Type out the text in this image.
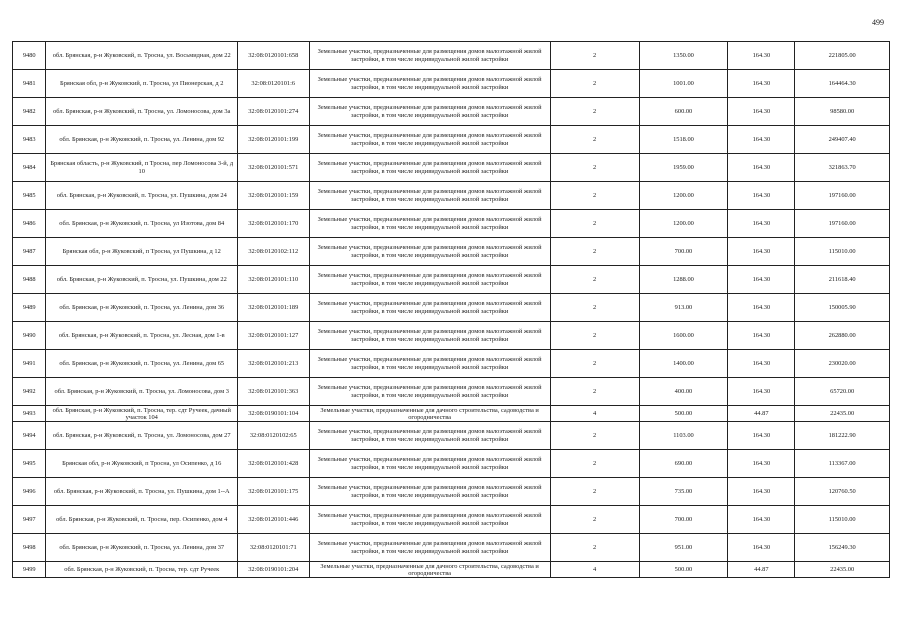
499
9480	обл. Брянская, р-н Жуковский, п. Тросна, ул. Восьмидная, дом 22	32:08:0120101:658	Земельные участки, предназначенные для размещения домов малоэтажной жилой застройки, в том числе индивидуальной жилой застройки	2	1350.00	164.30	221805.00
9481	Брянская обл, р-н Жуковский, п. Тросна, ул Пионерская, д 2	32:08:0120101:6	Земельные участки, предназначенные для размещения домов малоэтажной жилой застройки, в том числе индивидуальной жилой застройки	2	1001.00	164.30	164464.30
9482	обл. Брянская, р-н Жуковский, п. Тросна, ул. Ломоносова, дом 3а	32:08:0120101:274	Земельные участки, предназначенные для размещения домов малоэтажной жилой застройки, в том числе индивидуальной жилой застройки	2	600.00	164.30	98580.00
9483	обл. Брянская, р-н Жуковский, п. Тросна, ул. Ленина, дом 92	32:08:0120101:199	Земельные участки, предназначенные для размещения домов малоэтажной жилой застройки, в том числе индивидуальной жилой застройки	2	1518.00	164.30	249407.40
9484	Брянская область, р-н Жуковский, п Тросна, пер Ломоносова 3-й, д 10	32:08:0120101:571	Земельные участки, предназначенные для размещения домов малоэтажной жилой застройки, в том числе индивидуальной жилой застройки	2	1959.00	164.30	321863.70
9485	обл. Брянская, р-н Жуковский, п. Тросна, ул. Пушкина, дом 24	32:08:0120101:159	Земельные участки, предназначенные для размещения домов малоэтажной жилой застройки, в том числе индивидуальной жилой застройки	2	1200.00	164.30	197160.00
9486	обл. Брянская, р-н Жуковский, п. Тросна, ул Изотова, дом 84	32:08:0120101:170	Земельные участки, предназначенные для размещения домов малоэтажной жилой застройки, в том числе индивидуальной жилой застройки	2	1200.00	164.30	197160.00
9487	Брянская обл, р-н Жуковский, п Тросна, ул Пушкина, д 12	32:08:0120102:112	Земельные участки, предназначенные для размещения домов малоэтажной жилой застройки, в том числе индивидуальной жилой застройки	2	700.00	164.30	115010.00
9488	обл. Брянская, р-н Жуковский, п. Тросна, ул. Пушкина, дом 22	32:08:0120101:110	Земельные участки, предназначенные для размещения домов малоэтажной жилой застройки, в том числе индивидуальной жилой застройки	2	1288.00	164.30	211618.40
9489	обл. Брянская, р-н Жуковский, п. Тросна, ул. Ленина, дом 36	32:08:0120101:189	Земельные участки, предназначенные для размещения домов малоэтажной жилой застройки, в том числе индивидуальной жилой застройки	2	913.00	164.30	150005.90
9490	обл. Брянская, р-н Жуковский, п. Тросна, ул. Лесная, дом 1-в	32:08:0120101:127	Земельные участки, предназначенные для размещения домов малоэтажной жилой застройки, в том числе индивидуальной жилой застройки	2	1600.00	164.30	262880.00
9491	обл. Брянская, р-н Жуковский, п. Тросна, ул. Ленина, дом 65	32:08:0120101:213	Земельные участки, предназначенные для размещения домов малоэтажной жилой застройки, в том числе индивидуальной жилой застройки	2	1400.00	164.30	230020.00
9492	обл. Брянская, р-н Жуковский, п. Тросна, ул. Ломоносова, дом 3	32:08:0120101:363	Земельные участки, предназначенные для размещения домов малоэтажной жилой застройки, в том числе индивидуальной жилой застройки	2	400.00	164.30	65720.00
9493	обл. Брянская, р-н Жуковский, п. Тросна, тер. сдт Ручеек, дачный участок 104	32:08:0190101:104	Земельные участки, предназначенные для дачного строительства, садоводства и огородничества	4	500.00	44.87	22435.00
9494	обл. Брянская, р-н Жуковский, п. Тросна, ул. Ломоносова, дом 27	32:08:0120102:65	Земельные участки, предназначенные для размещения домов малоэтажной жилой застройки, в том числе индивидуальной жилой застройки	2	1103.00	164.30	181222.90
9495	Брянская обл, р-н Жуковский, п Тросна, ул Осипенко, д 16	32:08:0120101:428	Земельные участки, предназначенные для размещения домов малоэтажной жилой застройки, в том числе индивидуальной жилой застройки	2	690.00	164.30	113367.00
9496	обл. Брянская, р-н Жуковский, п. Тросна, ул. Пушкина, дом 1--А	32:08:0120101:175	Земельные участки, предназначенные для размещения домов малоэтажной жилой застройки, в том числе индивидуальной жилой застройки	2	735.00	164.30	120760.50
9497	обл. Брянская, р-н Жуковский, п. Тросна, пер. Осипенко, дом 4	32:08:0120101:446	Земельные участки, предназначенные для размещения домов малоэтажной жилой застройки, в том числе индивидуальной жилой застройки	2	700.00	164.30	115010.00
9498	обл. Брянская, р-н Жуковский, п. Тросна, ул. Ленина, дом 37	32:08:0120101:71	Земельные участки, предназначенные для размещения домов малоэтажной жилой застройки, в том числе индивидуальной жилой застройки	2	951.00	164.30	156249.30
9499	обл. Брянская, р-н Жуковский, п. Тросна, тер. сдт Ручеек	32:08:0190101:204	Земельные участки, предназначенные для дачного строительства, садоводства и огородничества	4	500.00	44.87	22435.00
